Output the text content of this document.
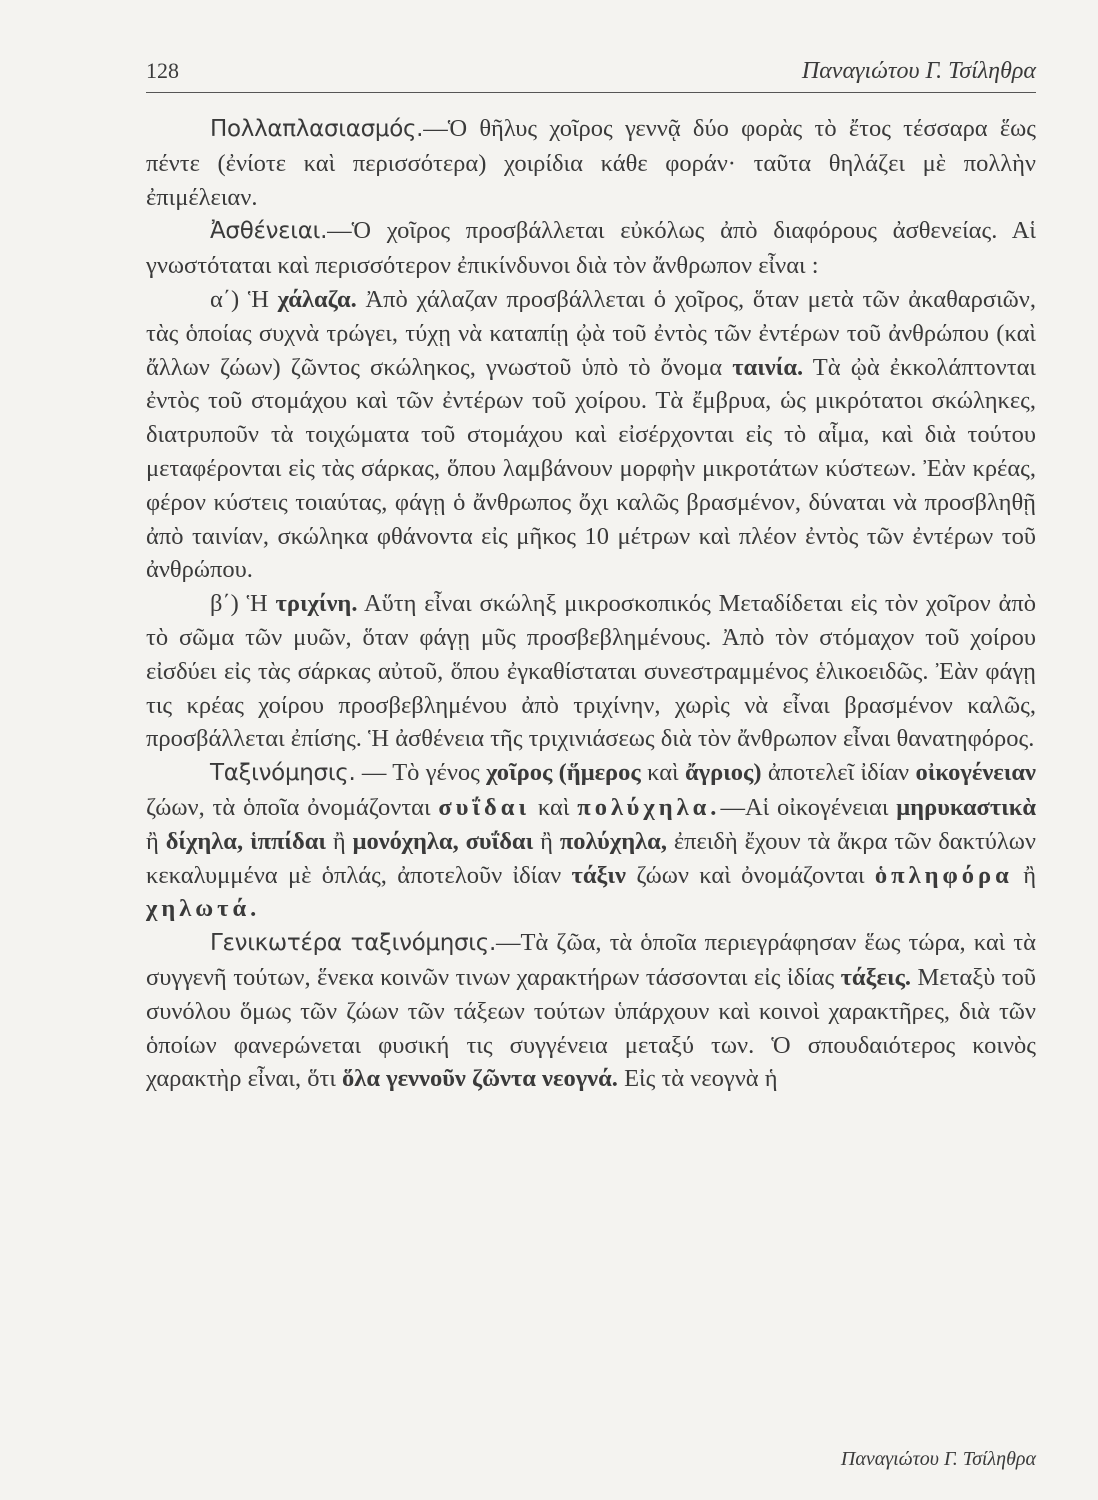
128	Παναγιώτου Γ. Τσίληθρα

Πολλαπλασιασμός.—Ὁ θῆλυς χοῖρος γεννᾷ δύο φορὰς τὸ ἔτος τέσσαρα ἕως πέντε (ἐνίοτε καὶ περισσότερα) χοιρίδια κάθε φοράν· ταῦτα θηλάζει μὲ πολλὴν ἐπιμέλειαν.

Ἀσθένειαι.—Ὁ χοῖρος προσβάλλεται εὐκόλως ἀπὸ διαφόρους ἀσθενείας. Αἱ γνωστόταται καὶ περισσότερον ἐπικίνδυνοι διὰ τὸν ἄνθρωπον εἶναι :

α΄) Ἡ χάλαζα. Ἀπὸ χάλαζαν προσβάλλεται ὁ χοῖρος, ὅταν μετὰ τῶν ἀκαθαρσιῶν, τὰς ὁποίας συχνὰ τρώγει, τύχῃ νὰ καταπίῃ ᾠὰ τοῦ ἐντὸς τῶν ἐντέρων τοῦ ἀνθρώπου (καὶ ἄλλων ζώων) ζῶντος σκώληκος, γνωστοῦ ὑπὸ τὸ ὄνομα ταινία. Τὰ ᾠὰ ἐκκολάπτονται ἐντὸς τοῦ στομάχου καὶ τῶν ἐντέρων τοῦ χοίρου. Τὰ ἔμβρυα, ὡς μικρότατοι σκώληκες, διατρυποῦν τὰ τοιχώματα τοῦ στομάχου καὶ εἰσέρχονται εἰς τὸ αἷμα, καὶ διὰ τούτου μεταφέρονται εἰς τὰς σάρκας, ὅπου λαμβάνουν μορφὴν μικροτάτων κύστεων. Ἐὰν κρέας, φέρον κύστεις τοιαύτας, φάγῃ ὁ ἄνθρωπος ὄχι καλῶς βρασμένον, δύναται νὰ προσβληθῇ ἀπὸ ταινίαν, σκώληκα φθάνοντα εἰς μῆκος 10 μέτρων καὶ πλέον ἐντὸς τῶν ἐντέρων τοῦ ἀνθρώπου.

β΄) Ἡ τριχίνη. Αὕτη εἶναι σκώληξ μικροσκοπικός Μεταδίδεται εἰς τὸν χοῖρον ἀπὸ τὸ σῶμα τῶν μυῶν, ὅταν φάγῃ μῦς προσβεβλημένους. Ἀπὸ τὸν στόμαχον τοῦ χοίρου εἰσδύει εἰς τὰς σάρκας αὐτοῦ, ὅπου ἐγκαθίσταται συνεστραμμένος ἑλικοειδῶς. Ἐὰν φάγῃ τις κρέας χοίρου προσβεβλημένου ἀπὸ τριχίνην, χωρὶς νὰ εἶναι βρασμένον καλῶς, προσβάλλεται ἐπίσης. Ἡ ἀσθένεια τῆς τριχινιάσεως διὰ τὸν ἄνθρωπον εἶναι θανατηφόρος.

Ταξινόμησις. — Τὸ γένος χοῖρος (ἥμερος καὶ ἄγριος) ἀποτελεῖ ἰδίαν οἰκογένειαν ζώων, τὰ ὁποῖα ὀνομάζονται συΐδαι καὶ πολύχηλα.—Αἱ οἰκογένειαι μηρυκαστικὰ ἢ δίχηλα, ἱππίδαι ἢ μονόχηλα, συΐδαι ἢ πολύχηλα, ἐπειδὴ ἔχουν τὰ ἄκρα τῶν δακτύλων κεκαλυμμένα μὲ ὁπλάς, ἀποτελοῦν ἰδίαν τάξιν ζώων καὶ ὀνομάζονται ὁπληφόρα ἢ χηλωτά.

Γενικωτέρα ταξινόμησις.—Τὰ ζῶα, τὰ ὁποῖα περιεγράφησαν ἕως τώρα, καὶ τὰ συγγενῆ τούτων, ἕνεκα κοινῶν τινων χαρακτήρων τάσσονται εἰς ἰδίας τάξεις. Μεταξὺ τοῦ συνόλου ὅμως τῶν ζώων τῶν τάξεων τούτων ὑπάρχουν καὶ κοινοὶ χαρακτῆρες, διὰ τῶν ὁποίων φανερώνεται φυσική τις συγγένεια μεταξύ των. Ὁ σπουδαιότερος κοινὸς χαρακτὴρ εἶναι, ὅτι ὅλα γεννοῦν ζῶντα νεογνά. Εἰς τὰ νεογνὰ ἡ

Παναγιώτου Γ. Τσίληθρα
